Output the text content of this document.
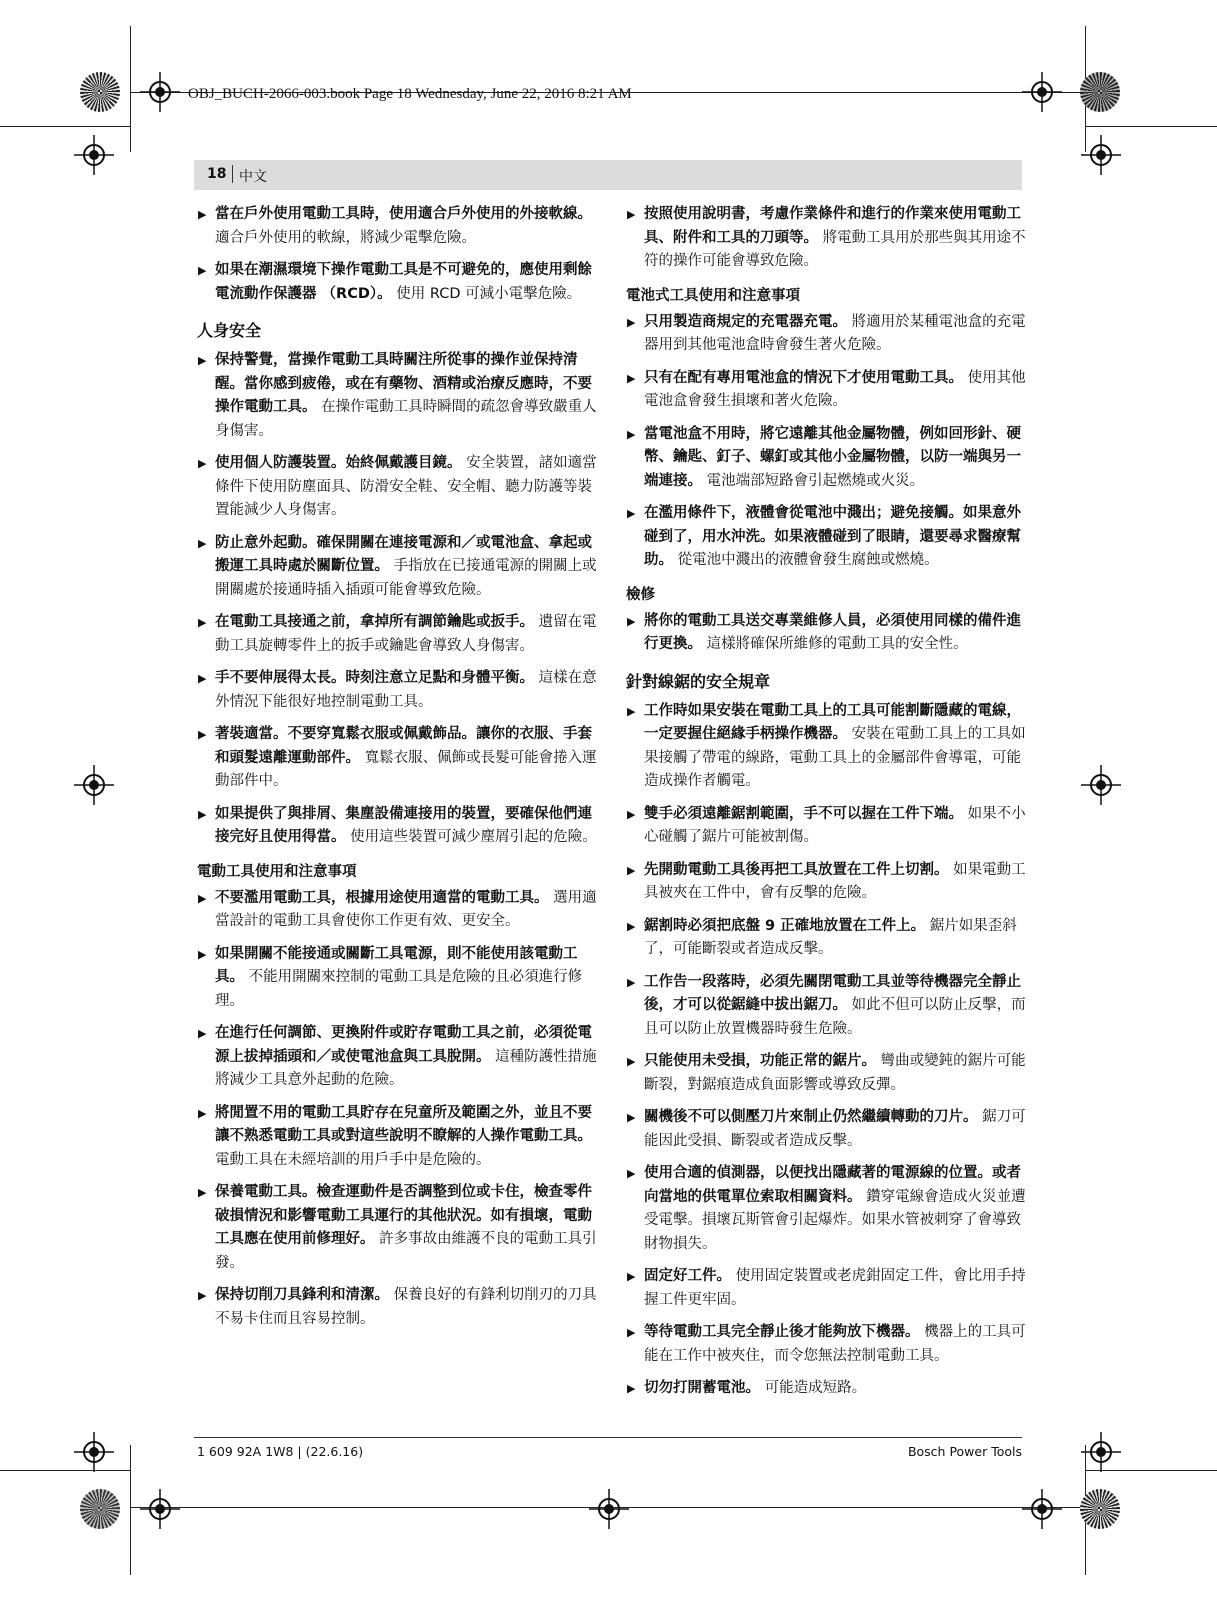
OBJ_BUCH-2066-003.book Page 18 Wednesday, June 22, 2016 8:21 AM
18 中文
▶ 當在戶外使用電動工具時，使用適合戶外使用的外接軟線。 適合戶外使用的軟線，將減少電擊危險。
▶ 如果在潮濕環境下操作電動工具是不可避免的，應使用剩餘電流動作保護器 （RCD）。 使用 RCD 可減小電擊危險。
人身安全
▶ 保持警覺，當操作電動工具時關注所從事的操作並保持清醒。當你感到疲倦，或在有藥物、酒精或治療反應時，不要操作電動工具。 在操作電動工具時瞬間的疏忽會導致嚴重人身傷害。
▶ 使用個人防護裝置。始終佩戴護目鏡。 安全裝置，諸如適當條件下使用防塵面具、防滑安全鞋、安全帽、聽力防護等裝置能減少人身傷害。
▶ 防止意外起動。確保開關在連接電源和／或電池盒、拿起或搬運工具時處於關斷位置。 手指放在已接通電源的開關上或開關處於接通時插入插頭可能會導致危險。
▶ 在電動工具接通之前，拿掉所有調節鑰匙或扳手。 遺留在電動工具旋轉零件上的扳手或鑰匙會導致人身傷害。
▶ 手不要伸展得太長。時刻注意立足點和身體平衡。 這樣在意外情況下能很好地控制電動工具。
▶ 著裝適當。不要穿寬鬆衣服或佩戴飾品。讓你的衣服、手套和頭髮遠離運動部件。 寬鬆衣服、佩飾或長髮可能會捲入運動部件中。
▶ 如果提供了與排屑、集塵設備連接用的裝置，要確保他們連接完好且使用得當。 使用這些裝置可減少塵屑引起的危險。
電動工具使用和注意事項
▶ 不要濫用電動工具，根據用途使用適當的電動工具。 選用適當設計的電動工具會使你工作更有效、更安全。
▶ 如果開關不能接通或關斷工具電源，則不能使用該電動工具。 不能用開關來控制的電動工具是危險的且必須進行修理。
▶ 在進行任何調節、更換附件或貯存電動工具之前，必須從電源上拔掉插頭和／或使電池盒與工具脫開。 這種防護性措施將減少工具意外起動的危險。
▶ 將閒置不用的電動工具貯存在兒童所及範圍之外，並且不要讓不熟悉電動工具或對這些說明不瞭解的人操作電動工具。 電動工具在未經培訓的用戶手中是危險的。
▶ 保養電動工具。檢查運動件是否調整到位或卡住，檢查零件破損情況和影響電動工具運行的其他狀況。如有損壞，電動工具應在使用前修理好。 許多事故由維護不良的電動工具引發。
▶ 保持切削刀具鋒利和清潔。 保養良好的有鋒利切削刃的刀具不易卡住而且容易控制。
▶ 按照使用說明書，考慮作業條件和進行的作業來使用電動工具、附件和工具的刀頭等。 將電動工具用於那些與其用途不符的操作可能會導致危險。
電池式工具使用和注意事項
▶ 只用製造商規定的充電器充電。 將適用於某種電池盒的充電器用到其他電池盒時會發生著火危險。
▶ 只有在配有專用電池盒的情況下才使用電動工具。 使用其他電池盒會發生損壞和著火危險。
▶ 當電池盒不用時，將它遠離其他金屬物體，例如回形針、硬幣、鑰匙、釘子、螺釘或其他小金屬物體，以防一端與另一端連接。 電池端部短路會引起燃燒或火災。
▶ 在濫用條件下，液體會從電池中濺出；避免接觸。如果意外碰到了，用水沖洗。如果液體碰到了眼睛，還要尋求醫療幫助。 從電池中濺出的液體會發生腐蝕或燃燒。
檢修
▶ 將你的電動工具送交專業維修人員，必須使用同樣的備件進行更換。 這樣將確保所維修的電動工具的安全性。
針對線鋸的安全規章
▶ 工作時如果安裝在電動工具上的工具可能割斷隱藏的電線，一定要握住絕緣手柄操作機器。 安裝在電動工具上的工具如果接觸了帶電的線路，電動工具上的金屬部件會導電，可能造成操作者觸電。
▶ 雙手必須遠離鋸割範圍，手不可以握在工件下端。 如果不小心碰觸了鋸片可能被割傷。
▶ 先開動電動工具後再把工具放置在工件上切割。 如果電動工具被夾在工件中，會有反擊的危險。
▶ 鋸割時必須把底盤 9 正確地放置在工件上。 鋸片如果歪斜了，可能斷裂或者造成反擊。
▶ 工作告一段落時，必須先關閉電動工具並等待機器完全靜止後，才可以從鋸縫中拔出鋸刀。 如此不但可以防止反擊，而且可以防止放置機器時發生危險。
▶ 只能使用未受損，功能正常的鋸片。 彎曲或變鈍的鋸片可能斷裂，對鋸痕造成負面影響或導致反彈。
▶ 關機後不可以側壓刀片來制止仍然繼續轉動的刀片。 鋸刀可能因此受損、斷裂或者造成反擊。
▶ 使用合適的偵測器，以便找出隱藏著的電源線的位置。或者向當地的供電單位索取相關資料。 鑽穿電線會造成火災並遭受電擊。損壞瓦斯管會引起爆炸。如果水管被刺穿了會導致財物損失。
▶ 固定好工件。 使用固定裝置或老虎鉗固定工件，會比用手持握工件更牢固。
▶ 等待電動工具完全靜止後才能夠放下機器。 機器上的工具可能在工作中被夾住，而令您無法控制電動工具。
▶ 切勿打開蓄電池。 可能造成短路。
1 609 92A 1W8 | (22.6.16)	Bosch Power Tools
